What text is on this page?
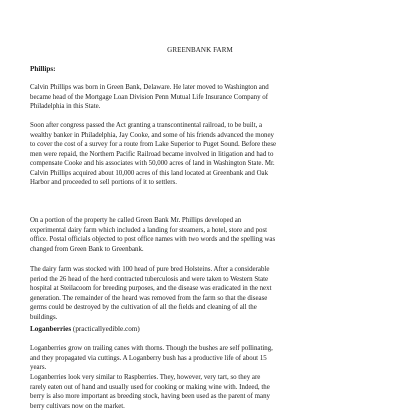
GREENBANK FARM
Phillips:
Calvin Phillips was born in Green Bank, Delaware. He later moved to Washington and
became head of the Mortgage Loan Division Penn Mutual Life Insurance Company of
Philadelphia in this State.
Soon after congress passed the Act granting a transcontinental railroad, to be built, a
wealthy banker in Philadelphia, Jay Cooke, and some of his friends advanced the money
to cover the cost of a survey for a route from Lake Superior to Puget Sound. Before these
men were repaid, the Northern Pacific Railroad became involved in litigation and had to
compensate Cooke and his associates with 50,000 acres of land in Washington State. Mr.
Calvin Phillips acquired about 10,000 acres of this land located at Greenbank and Oak
Harbor and proceeded to sell portions of it to settlers.
On a portion of the property he called Green Bank Mr. Phillips developed an
experimental dairy farm which included a landing for steamers, a hotel, store and post
office. Postal officials objected to post office names with two words and the spelling was
changed from Green Bank to Greenbank.
The dairy farm was stocked with 100 head of pure bred Holsteins. After a considerable
period the 26 head of the herd contracted tuberculosis and were taken to Western State
hospital at Steilacoom for breeding purposes, and the disease was eradicated in the next
generation. The remainder of the heard was removed from the farm so that the disease
germs could be destroyed by the cultivation of all the fields and cleaning of all the
buildings.
Loganberries (practicallyedible.com)
Loganberries grow on trailing canes with thorns. Though the bushes are self pollinating,
and they propagated via cuttings. A Loganberry bush has a productive life of about 15
years.
Loganberries look very similar to Raspberries. They, however, very tart, so they are
rarely eaten out of hand and usually used for cooking or making wine with. Indeed, the
berry is also more important as breeding stock, having been used as the parent of many
berry cultivars now on the market.
